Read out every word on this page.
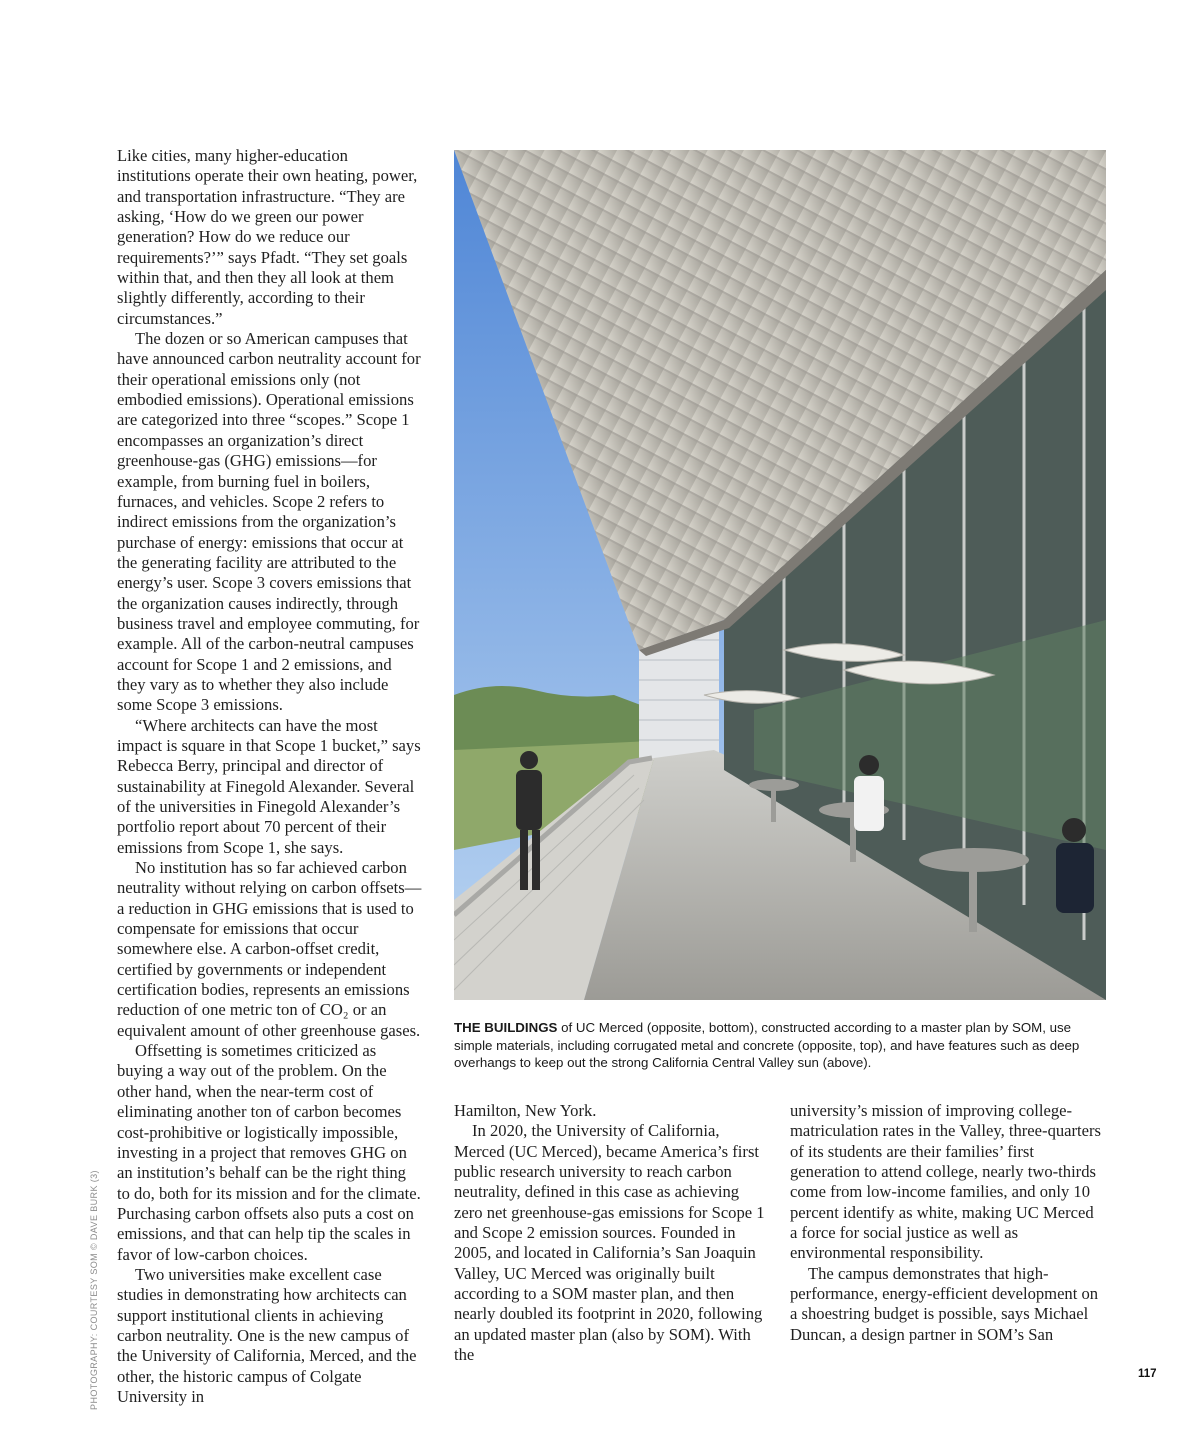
Like cities, many higher-education institutions operate their own heating, power, and transportation infrastructure. “They are asking, ‘How do we green our power generation? How do we reduce our requirements?’” says Pfadt. “They set goals within that, and then they all look at them slightly differently, according to their circumstances.”

The dozen or so American campuses that have announced carbon neutrality account for their operational emissions only (not embodied emissions). Operational emissions are categorized into three “scopes.” Scope 1 encompasses an organization’s direct greenhouse-gas (GHG) emissions—for example, from burning fuel in boilers, furnaces, and vehicles. Scope 2 refers to indirect emissions from the organization’s purchase of energy: emissions that occur at the generating facility are attributed to the energy’s user. Scope 3 covers emissions that the organization causes indirectly, through business travel and employee commuting, for example. All of the carbon-neutral campuses account for Scope 1 and 2 emissions, and they vary as to whether they also include some Scope 3 emissions.

“Where architects can have the most impact is square in that Scope 1 bucket,” says Rebecca Berry, principal and director of sustainability at Finegold Alexander. Several of the universities in Finegold Alexander’s portfolio report about 70 percent of their emissions from Scope 1, she says.

No institution has so far achieved carbon neutrality without relying on carbon offsets—a reduction in GHG emissions that is used to compensate for emissions that occur somewhere else. A carbon-offset credit, certified by governments or independent certification bodies, represents an emissions reduction of one metric ton of CO₂ or an equivalent amount of other greenhouse gases.

Offsetting is sometimes criticized as buying a way out of the problem. On the other hand, when the near-term cost of eliminating another ton of carbon becomes cost-prohibitive or logistically impossible, investing in a project that removes GHG on an institution’s behalf can be the right thing to do, both for its mission and for the climate. Purchasing carbon offsets also puts a cost on emissions, and that can help tip the scales in favor of low-carbon choices.

Two universities make excellent case studies in demonstrating how architects can support institutional clients in achieving carbon neutrality. One is the new campus of the University of California, Merced, and the other, the historic campus of Colgate University in

THE BUILDINGS of UC Merced (opposite, bottom), constructed according to a master plan by SOM, use simple materials, including corrugated metal and concrete (opposite, top), and have features such as deep overhangs to keep out the strong California Central Valley sun (above).

Hamilton, New York.

In 2020, the University of California, Merced (UC Merced), became America’s first public research university to reach carbon neutrality, defined in this case as achieving zero net greenhouse-gas emissions for Scope 1 and Scope 2 emission sources. Founded in 2005, and located in California’s San Joaquin Valley, UC Merced was originally built according to a SOM master plan, and then nearly doubled its footprint in 2020, following an updated master plan (also by SOM). With the

university’s mission of improving college-matriculation rates in the Valley, three-quarters of its students are their families’ first generation to attend college, nearly two-thirds come from low-income families, and only 10 percent identify as white, making UC Merced a force for social justice as well as environmental responsibility.

The campus demonstrates that high-performance, energy-efficient development on a shoestring budget is possible, says Michael Duncan, a design partner in SOM’s San

PHOTOGRAPHY: COURTESY SOM © DAVE BURK (3)	117
